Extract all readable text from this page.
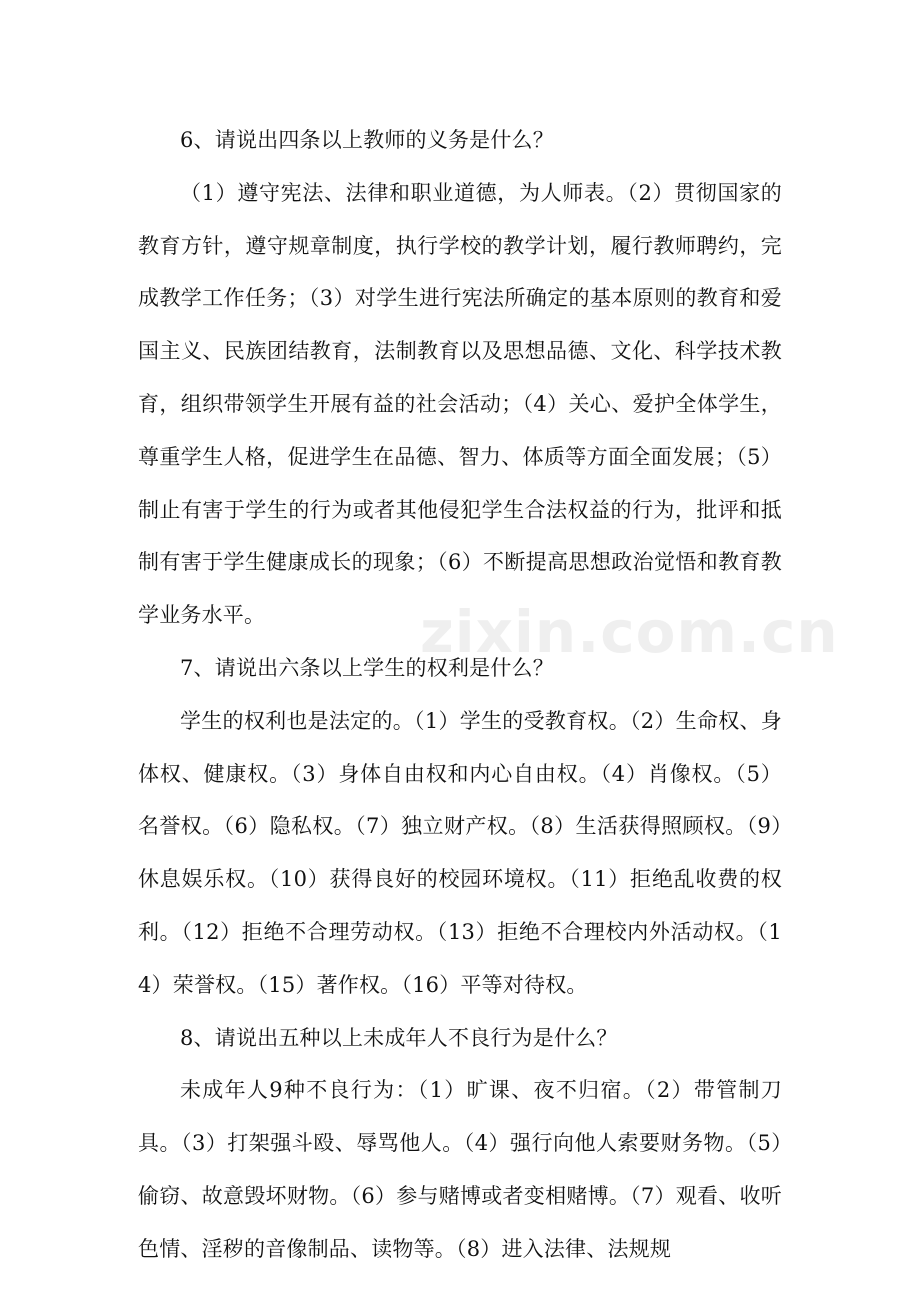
zixin.com.cn

6、请说出四条以上教师的义务是什么？

（1）遵守宪法、法律和职业道德，为人师表。（2）贯彻国家的教育方针，遵守规章制度，执行学校的教学计划，履行教师聘约，完成教学工作任务；（3）对学生进行宪法所确定的基本原则的教育和爱国主义、民族团结教育，法制教育以及思想品德、文化、科学技术教育，组织带领学生开展有益的社会活动；（4）关心、爱护全体学生，尊重学生人格，促进学生在品德、智力、体质等方面全面发展；（5）制止有害于学生的行为或者其他侵犯学生合法权益的行为，批评和抵制有害于学生健康成长的现象；（6）不断提高思想政治觉悟和教育教学业务水平。

7、请说出六条以上学生的权利是什么？

学生的权利也是法定的。（1）学生的受教育权。（2）生命权、身体权、健康权。（3）身体自由权和内心自由权。（4）肖像权。（5）名誉权。（6）隐私权。（7）独立财产权。（8）生活获得照顾权。（9）休息娱乐权。（10）获得良好的校园环境权。（11）拒绝乱收费的权利。（12）拒绝不合理劳动权。（13）拒绝不合理校内外活动权。（14）荣誉权。（15）著作权。（16）平等对待权。

8、请说出五种以上未成年人不良行为是什么？

未成年人9种不良行为：（1）旷课、夜不归宿。（2）带管制刀具。（3）打架强斗殴、辱骂他人。（4）强行向他人索要财务物。（5）偷窃、故意毁坏财物。（6）参与赌博或者变相赌博。（7）观看、收听色情、淫秽的音像制品、读物等。（8）进入法律、法规规
